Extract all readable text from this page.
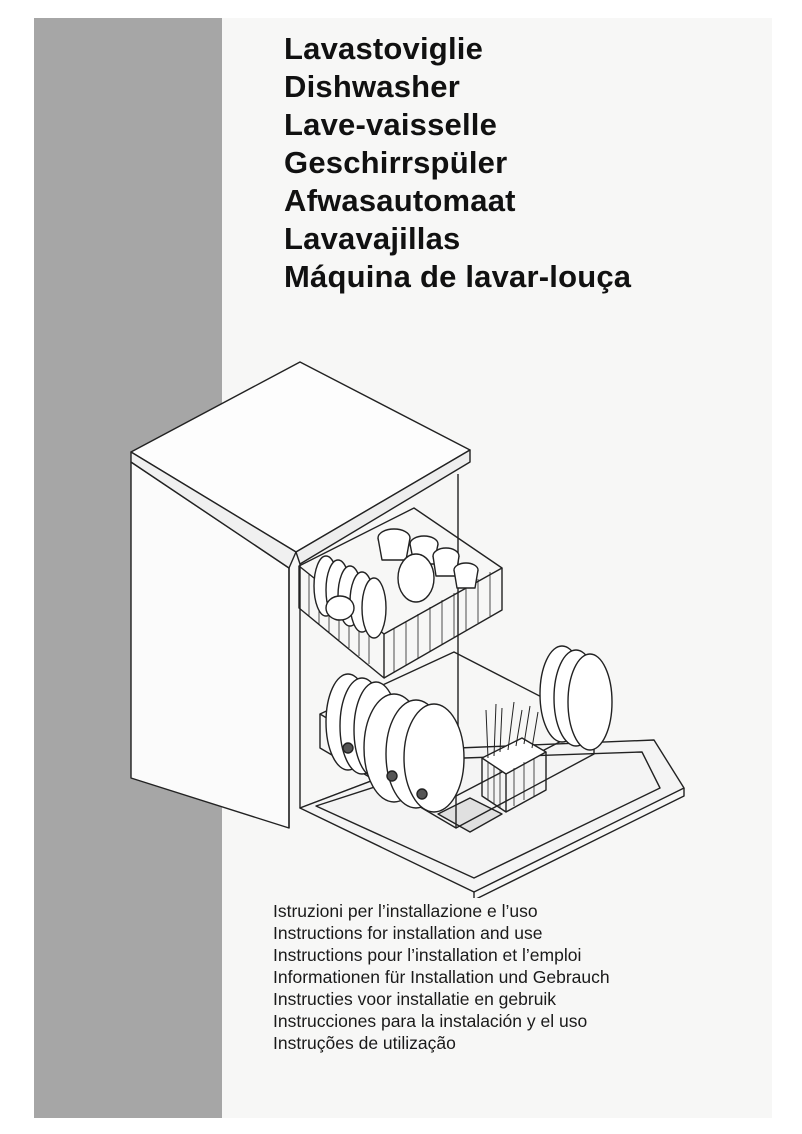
Lavastoviglie
Dishwasher
Lave-vaisselle
Geschirrspüler
Afwasautomaat
Lavavajillas
Máquina de lavar-louça
Istruzioni per l’installazione e l’uso
Instructions for installation and use
Instructions pour l’installation et l’emploi
Informationen für Installation und Gebrauch
Instructies voor installatie en gebruik
Instrucciones para la instalación y el uso
Instruções de utilização
